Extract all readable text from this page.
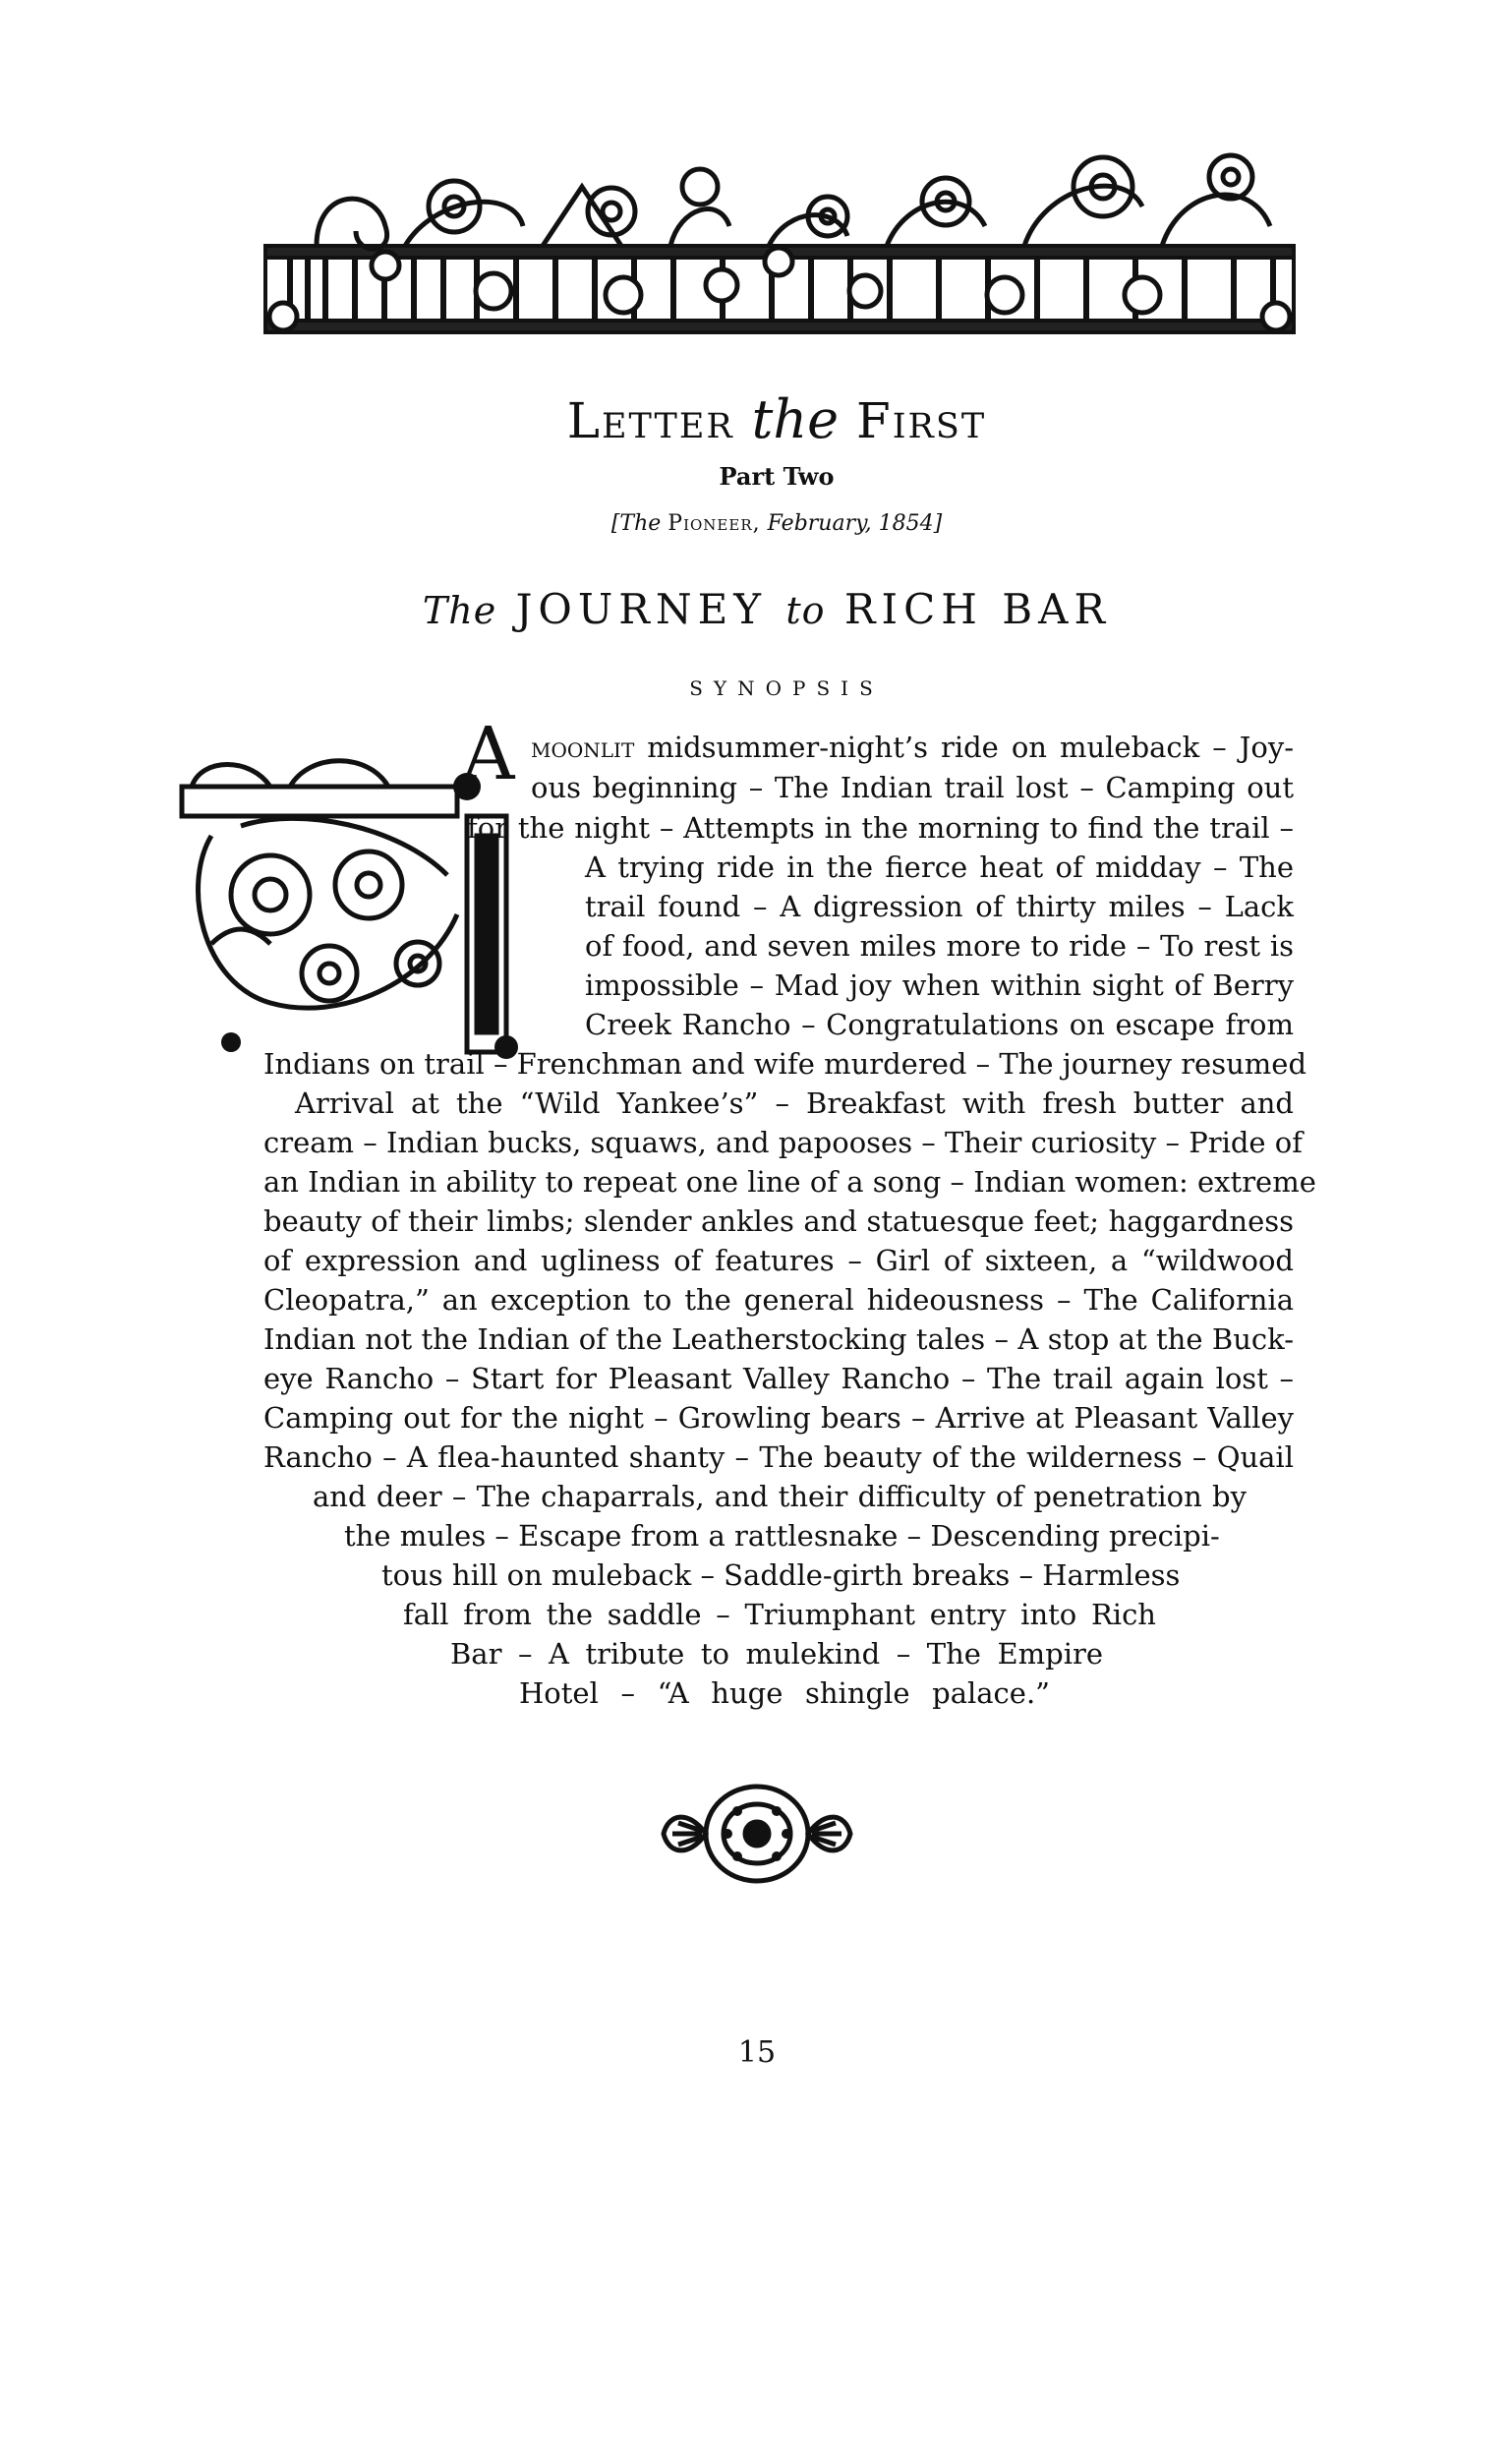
Letter the First
Part Two
[The Pioneer, February, 1854]
The JOURNEY to RICH BAR
SYNOPSIS
A moonlit midsummer-night’s ride on muleback – Joy-
ous beginning – The Indian trail lost – Camping out
for the night – Attempts in the morning to find the trail –
A trying ride in the fierce heat of midday – The
trail found – A digression of thirty miles – Lack
of food, and seven miles more to ride – To rest is
impossible – Mad joy when within sight of Berry
Creek Rancho – Congratulations on escape from
Indians on trail – Frenchman and wife murdered – The journey resumed
Arrival at the “Wild Yankee’s” – Breakfast with fresh butter and
cream – Indian bucks, squaws, and papooses – Their curiosity – Pride of
an Indian in ability to repeat one line of a song – Indian women: extreme
beauty of their limbs; slender ankles and statuesque feet; haggardness
of expression and ugliness of features – Girl of sixteen, a “wildwood
Cleopatra,” an exception to the general hideousness – The California
Indian not the Indian of the Leatherstocking tales – A stop at the Buck-
eye Rancho – Start for Pleasant Valley Rancho – The trail again lost –
Camping out for the night – Growling bears – Arrive at Pleasant Valley
Rancho – A flea-haunted shanty – The beauty of the wilderness – Quail
and deer – The chaparrals, and their difficulty of penetration by
the mules – Escape from a rattlesnake – Descending precipi-
tous hill on muleback – Saddle-girth breaks – Harmless
fall from the saddle – Triumphant entry into Rich
Bar – A tribute to mulekind – The Empire
Hotel – “A huge shingle palace.”
15
